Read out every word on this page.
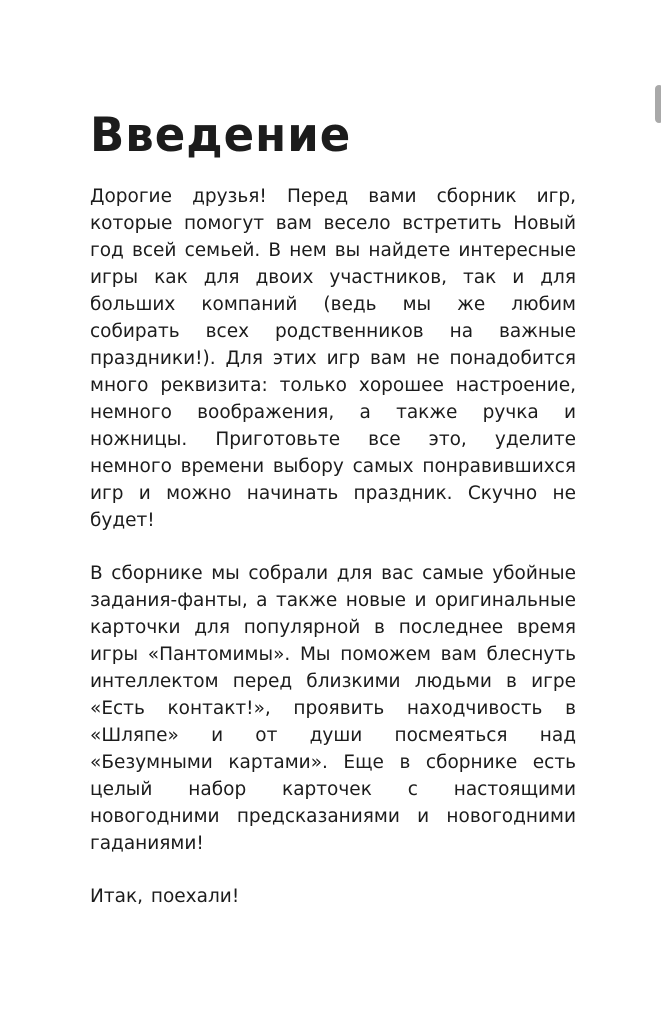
Введение

Дорогие друзья! Перед вами сборник игр, которые помогут вам весело встретить Новый год всей семьей. В нем вы найдете интересные игры как для двоих участников, так и для больших компаний (ведь мы же любим собирать всех родственников на важные праздники!). Для этих игр вам не понадобится много реквизита: только хорошее настроение, немного воображения, а также ручка и ножницы. Приготовьте все это, уделите немного времени выбору самых понравившихся игр и можно начинать праздник. Скучно не будет!

В сборнике мы собрали для вас самые убойные задания-фанты, а также новые и оригинальные карточки для популярной в последнее время игры «Пантомимы». Мы поможем вам блеснуть интеллектом перед близкими людьми в игре «Есть контакт!», проявить находчивость в «Шляпе» и от души посмеяться над «Безумными картами». Еще в сборнике есть целый набор карточек с настоящими новогодними предсказаниями и новогодними гаданиями!

Итак, поехали!
